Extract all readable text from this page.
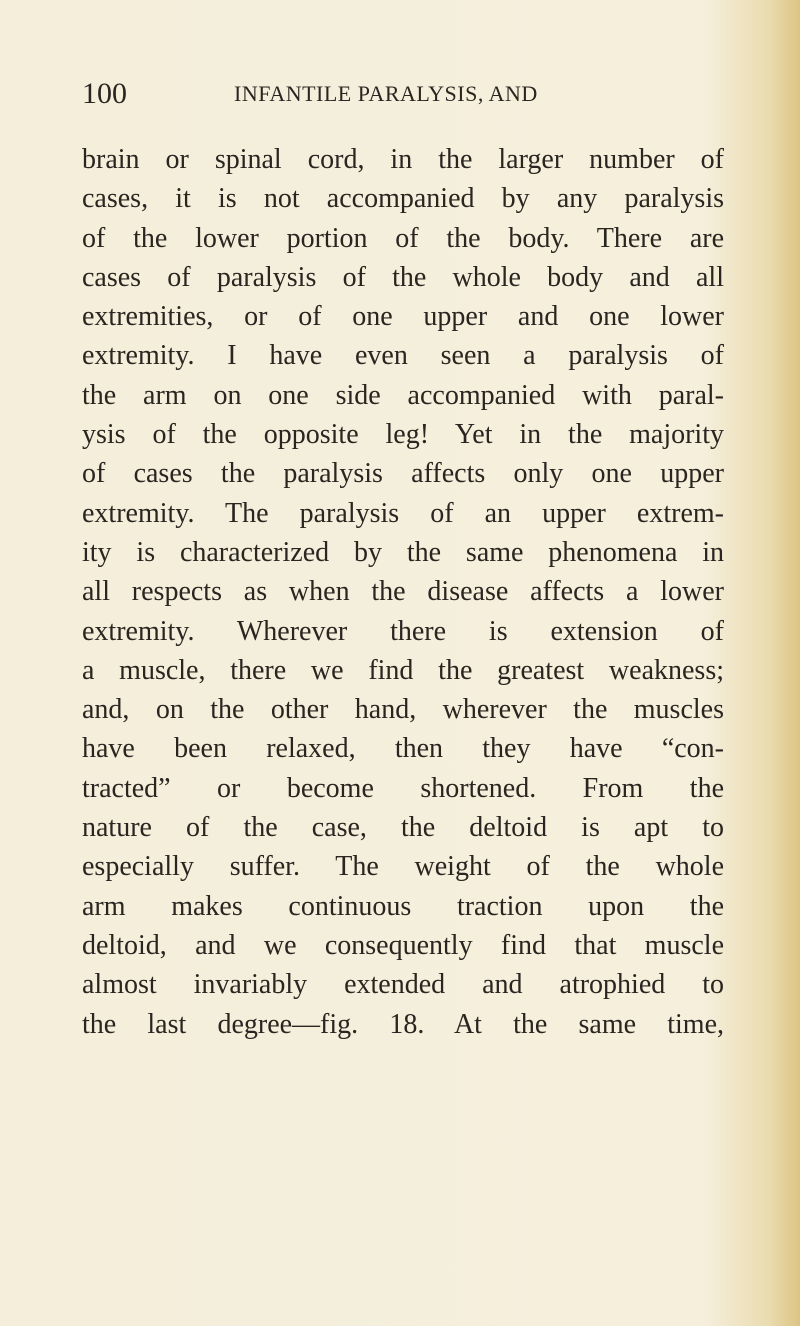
100	INFANTILE PARALYSIS, AND
brain or spinal cord, in the larger number of
cases, it is not accompanied by any paralysis
of the lower portion of the body. There are
cases of paralysis of the whole body and all
extremities, or of one upper and one lower
extremity. I have even seen a paralysis of
the arm on one side accompanied with paral-
ysis of the opposite leg! Yet in the majority
of cases the paralysis affects only one upper
extremity. The paralysis of an upper extrem-
ity is characterized by the same phenomena in
all respects as when the disease affects a lower
extremity. Wherever there is extension of
a muscle, there we find the greatest weakness;
and, on the other hand, wherever the muscles
have been relaxed, then they have “con-
tracted” or become shortened. From the
nature of the case, the deltoid is apt to
especially suffer. The weight of the whole
arm makes continuous traction upon the
deltoid, and we consequently find that muscle
almost invariably extended and atrophied to
the last degree—fig. 18. At the same time,
